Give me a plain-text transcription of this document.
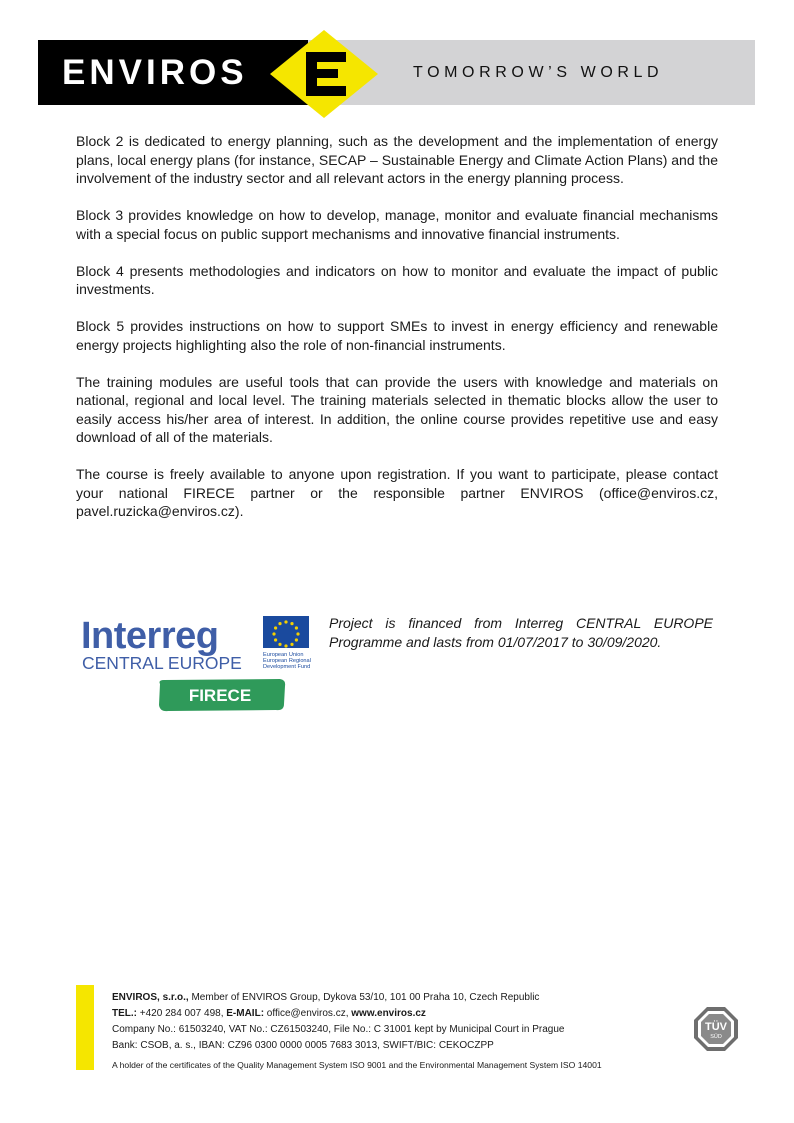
ENVIROS	TOMORROW’S WORLD

Block 2 is dedicated to energy planning, such as the development and the implementation of energy plans, local energy plans (for instance, SECAP – Sustainable Energy and Climate Action Plans) and the involvement of the industry sector and all relevant actors in the energy planning process.

Block 3 provides knowledge on how to develop, manage, monitor and evaluate financial mechanisms with a special focus on public support mechanisms and innovative financial instruments.

Block 4 presents methodologies and indicators on how to monitor and evaluate the impact of public investments.

Block 5 provides instructions on how to support SMEs to invest in energy efficiency and renewable energy projects highlighting also the role of non-financial instruments.

The training modules are useful tools that can provide the users with knowledge and materials on national, regional and local level. The training materials selected in thematic blocks allow the user to easily access his/her area of interest. In addition, the online course provides repetitive use and easy download of all of the materials.

The course is freely available to anyone upon registration. If you want to participate, please contact your national FIRECE partner or the responsible partner ENVIROS (office@enviros.cz, pavel.ruzicka@enviros.cz).

Interreg
CENTRAL EUROPE	European Union
European Regional
Development Fund
FIRECE
Project is financed from Interreg CENTRAL EUROPE Programme and lasts from 01/07/2017 to 30/09/2020.
ENVIROS, s.r.o., Member of ENVIROS Group, Dykova 53/10, 101 00 Praha 10, Czech Republic
TEL.: +420 284 007 498, E-MAIL: office@enviros.cz, www.enviros.cz
Company No.: 61503240, VAT No.: CZ61503240, File No.: C 31001 kept by Municipal Court in Prague
Bank: CSOB, a. s., IBAN: CZ96 0300 0000 0005 7683 3013, SWIFT/BIC: CEKOCZPP
A holder of the certificates of the Quality Management System ISO 9001 and the Environmental Management System ISO 14001
TÜV
SÜD
